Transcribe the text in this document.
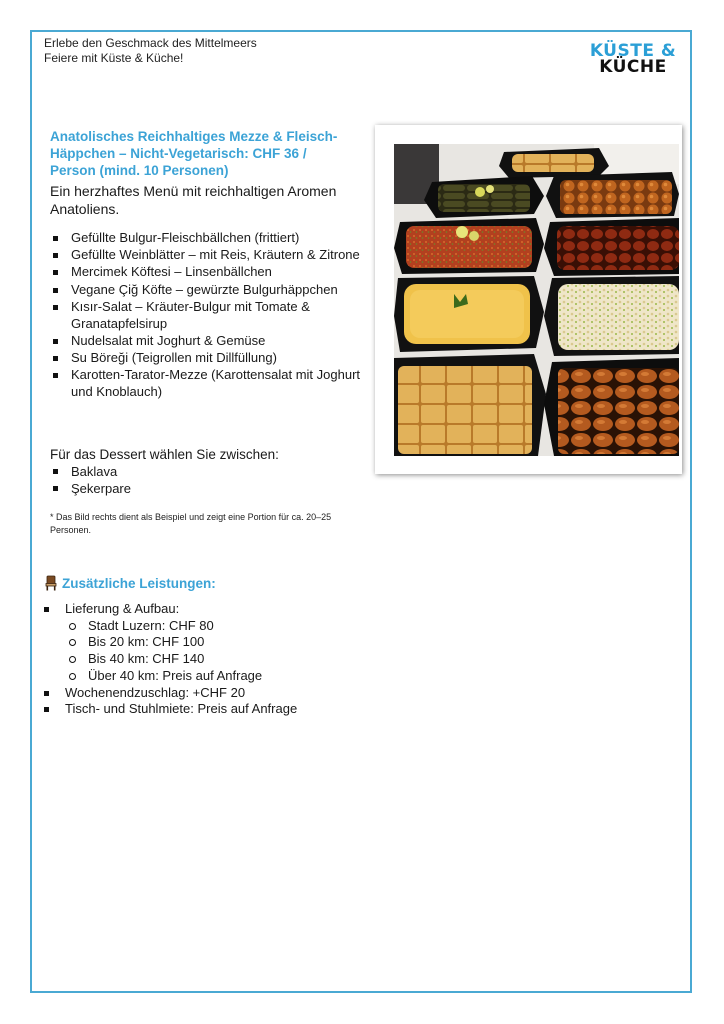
Erlebe den Geschmack des Mittelmeers
Feiere mit Küste & Küche!	KÜSTE &
KÜCHE
Anatolisches Reichhaltiges Mezze & Fleisch-Häppchen – Nicht-Vegetarisch: CHF 36 / Person (mind. 10 Personen)
Ein herzhaftes Menü mit reichhaltigen Aromen Anatoliens.
Gefüllte Bulgur-Fleischbällchen (frittiert)
Gefüllte Weinblätter – mit Reis, Kräutern & Zitrone
Mercimek Köftesi – Linsenbällchen
Vegane Çiğ Köfte – gewürzte Bulgurhäppchen
Kısır-Salat – Kräuter-Bulgur mit Tomate & Granatapfelsirup
Nudelsalat mit Joghurt & Gemüse
Su Böreği (Teigrollen mit Dillfüllung)
Karotten-Tarator-Mezze (Karottensalat mit Joghurt und Knoblauch)
Für das Dessert wählen Sie zwischen:
Baklava
Şekerpare
* Das Bild rechts dient als Beispiel und zeigt eine Portion für ca. 20–25 Personen.
Zusätzliche Leistungen:
Lieferung & Aufbau:
Stadt Luzern: CHF 80
Bis 20 km: CHF 100
Bis 40 km: CHF 140
Über 40 km: Preis auf Anfrage
Wochenendzuschlag: +CHF 20
Tisch- und Stuhlmiete: Preis auf Anfrage
